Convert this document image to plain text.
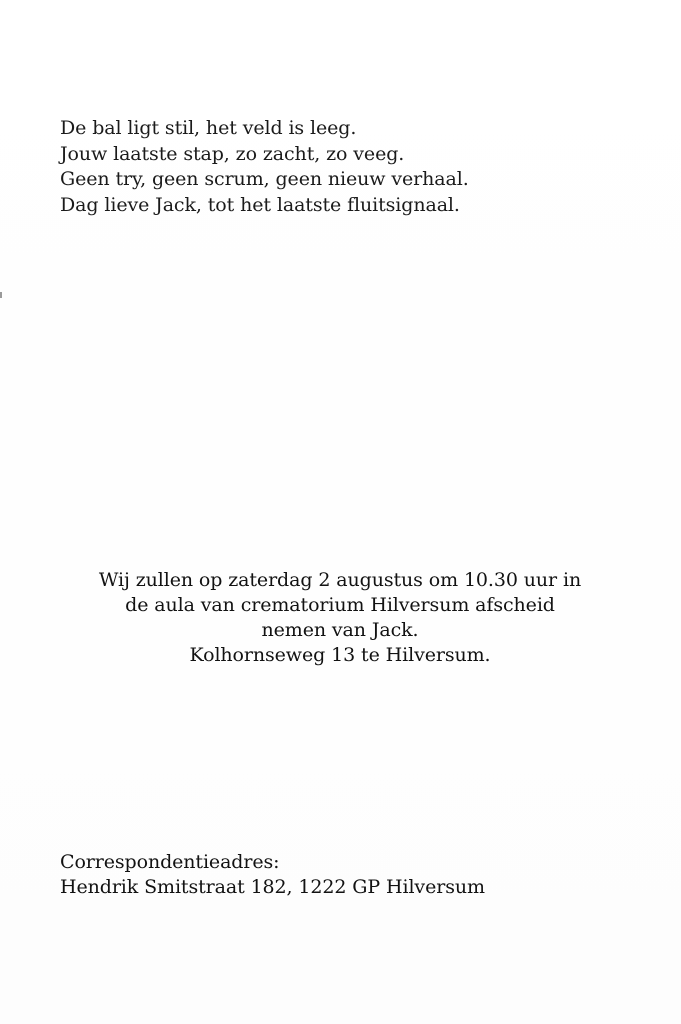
De bal ligt stil, het veld is leeg.
Jouw laatste stap, zo zacht, zo veeg.
Geen try, geen scrum, geen nieuw verhaal.
Dag lieve Jack, tot het laatste fluitsignaal.
Wij zullen op zaterdag 2 augustus om 10.30 uur in
de aula van crematorium Hilversum afscheid
nemen van Jack.
Kolhornseweg 13 te Hilversum.
Correspondentieadres:
Hendrik Smitstraat 182, 1222 GP Hilversum
